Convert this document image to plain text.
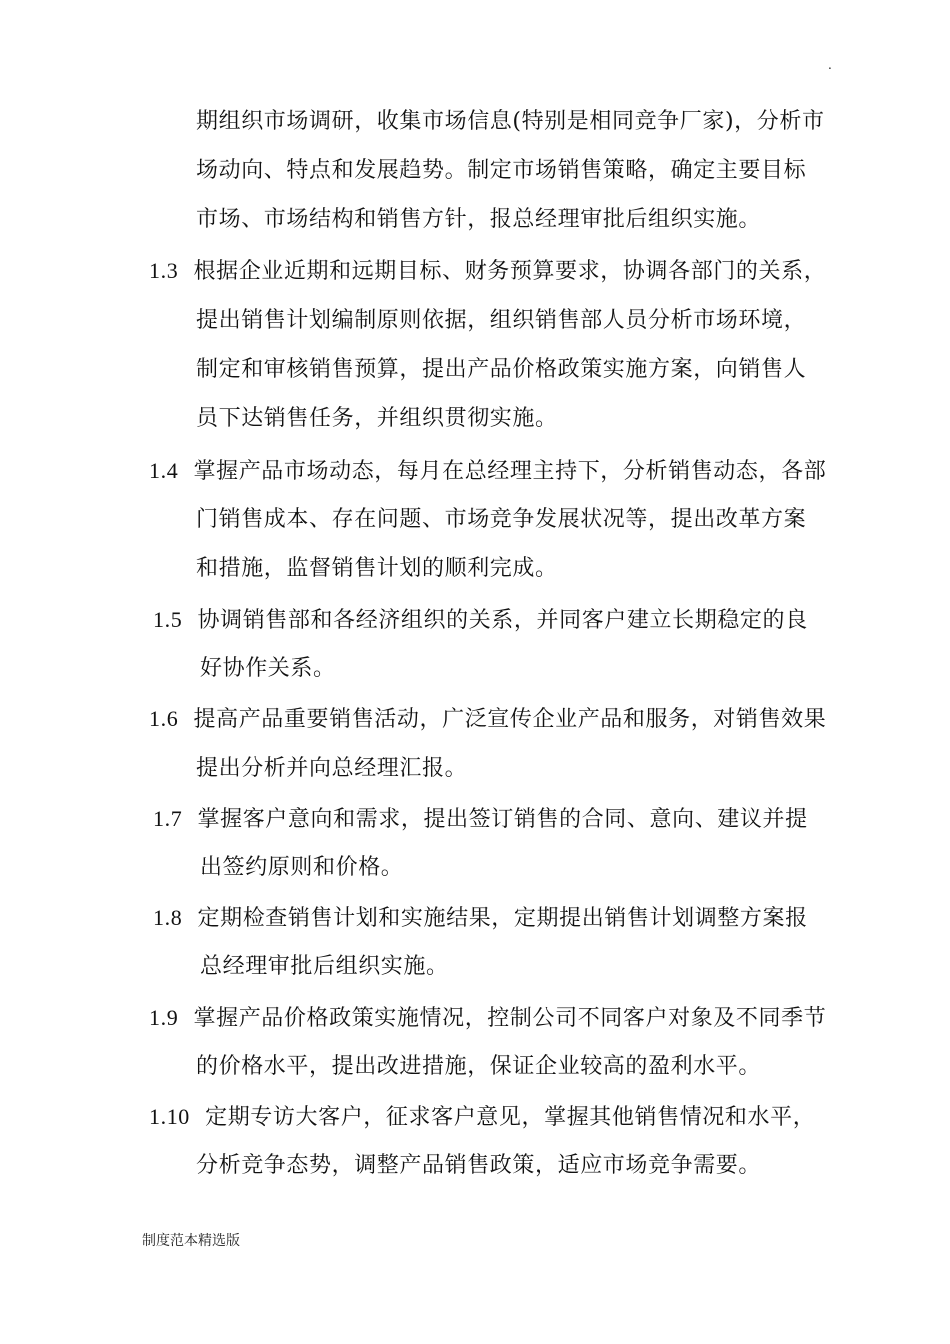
.
期组织市场调研，收集市场信息(特别是相同竞争厂家)，分析市
场动向、特点和发展趋势。制定市场销售策略，确定主要目标
市场、市场结构和销售方针，报总经理审批后组织实施。
1.3 根据企业近期和远期目标、财务预算要求，协调各部门的关系，
提出销售计划编制原则依据，组织销售部人员分析市场环境，
制定和审核销售预算，提出产品价格政策实施方案，向销售人
员下达销售任务，并组织贯彻实施。
1.4 掌握产品市场动态，每月在总经理主持下，分析销售动态，各部
门销售成本、存在问题、市场竞争发展状况等，提出改革方案
和措施，监督销售计划的顺利完成。
1.5 协调销售部和各经济组织的关系，并同客户建立长期稳定的良
好协作关系。
1.6 提高产品重要销售活动，广泛宣传企业产品和服务，对销售效果
提出分析并向总经理汇报。
1.7 掌握客户意向和需求，提出签订销售的合同、意向、建议并提
出签约原则和价格。
1.8 定期检查销售计划和实施结果，定期提出销售计划调整方案报
总经理审批后组织实施。
1.9 掌握产品价格政策实施情况，控制公司不同客户对象及不同季节
的价格水平，提出改进措施，保证企业较高的盈利水平。
1.10 定期专访大客户，征求客户意见，掌握其他销售情况和水平，
分析竞争态势，调整产品销售政策，适应市场竞争需要。
制度范本精选版
